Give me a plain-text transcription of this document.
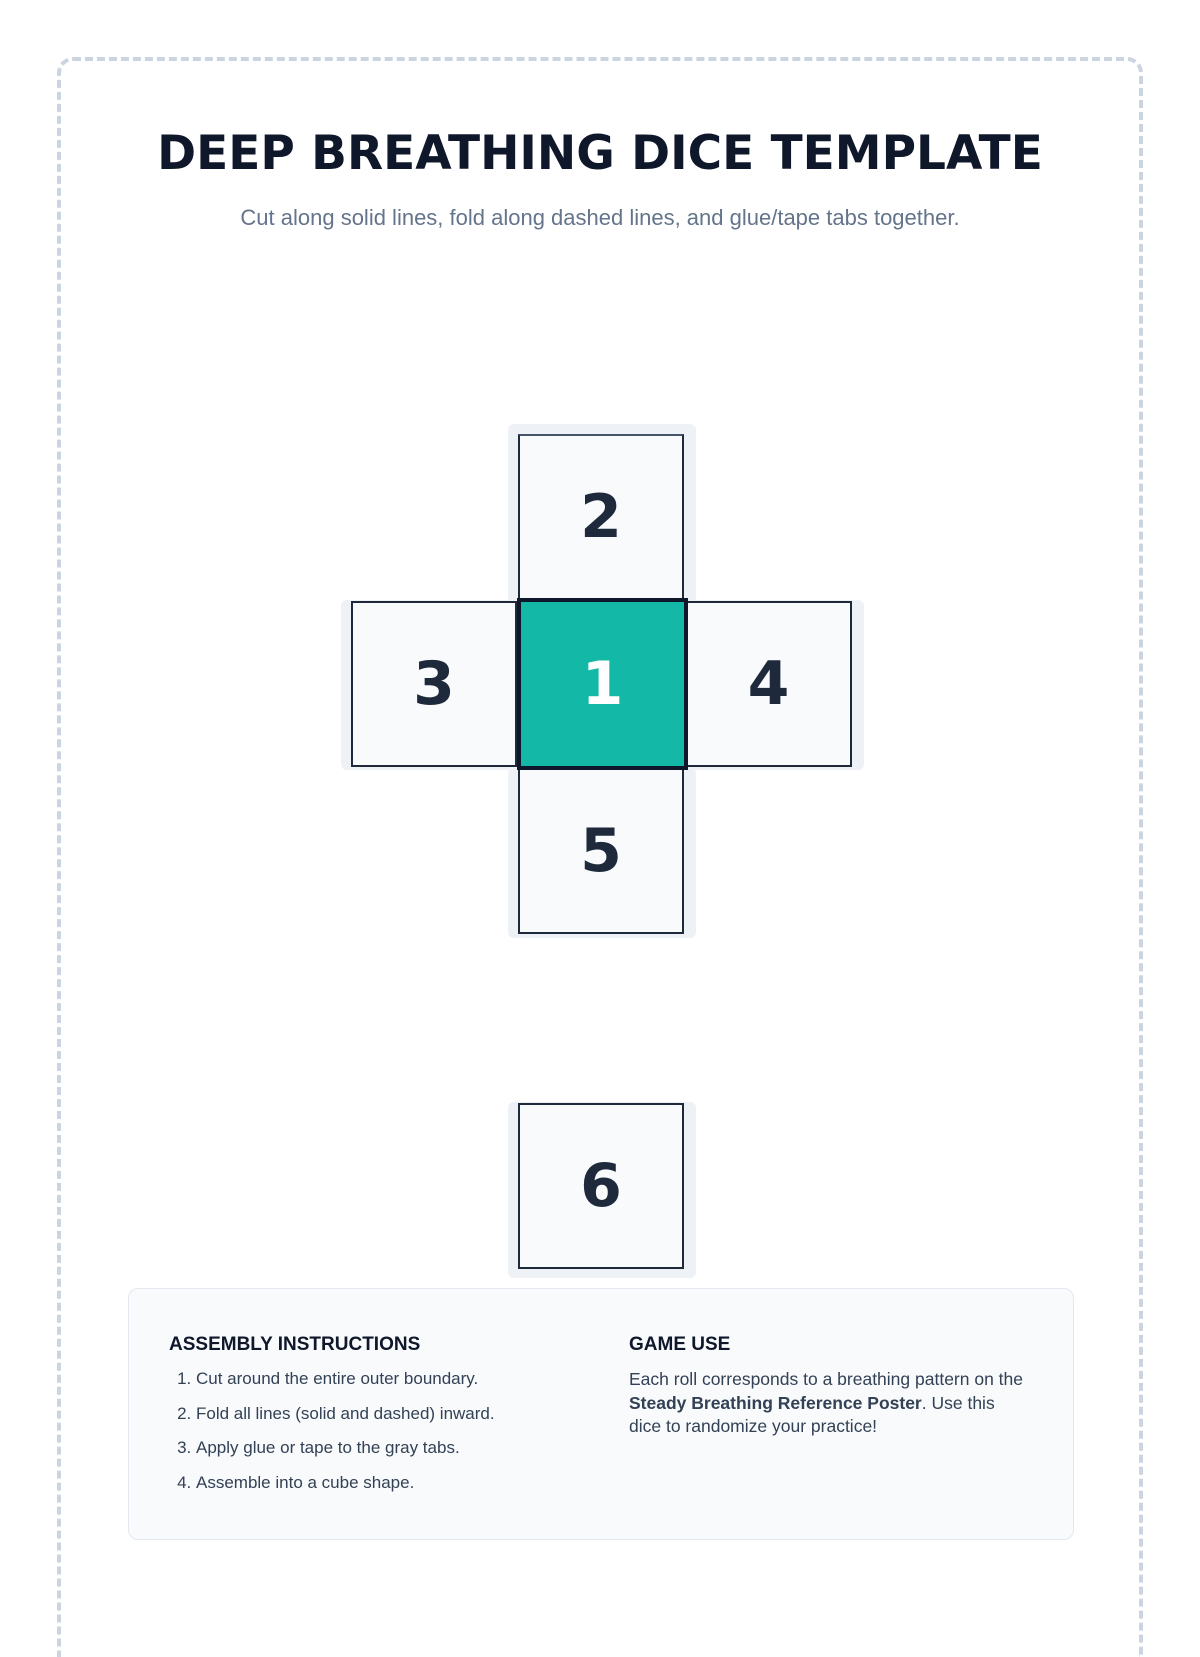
DEEP BREATHING DICE TEMPLATE

Cut along solid lines, fold along dashed lines, and glue/tape tabs together.

2
3	1	4
5
6
ASSEMBLY INSTRUCTIONS
1. Cut around the entire outer boundary.
2. Fold all lines (solid and dashed) inward.
3. Apply glue or tape to the gray tabs.
4. Assemble into a cube shape.
GAME USE

Each roll corresponds to a breathing pattern on the Steady Breathing Reference Poster. Use this dice to randomize your practice!
